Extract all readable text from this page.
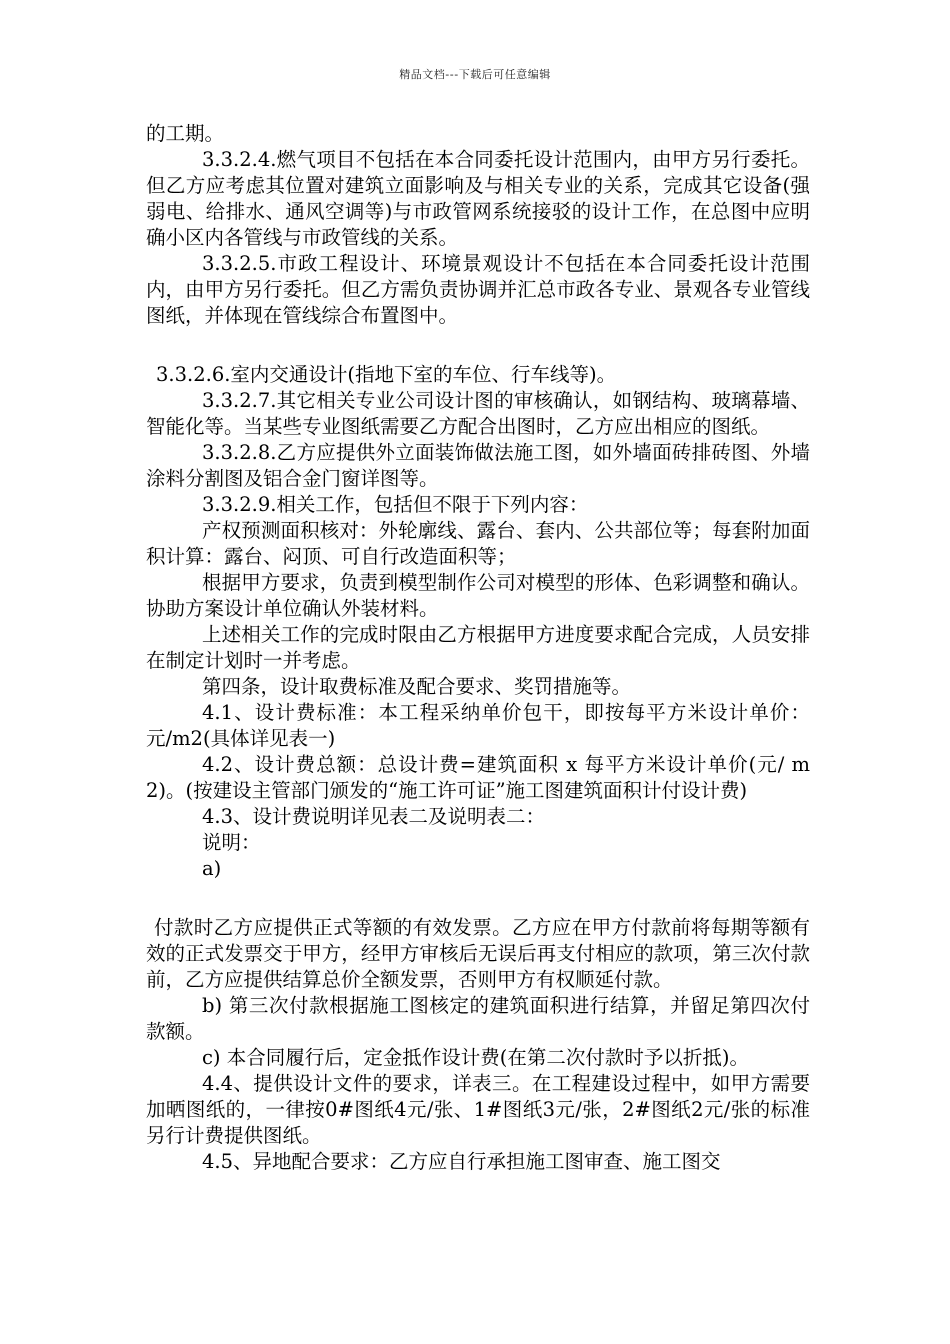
精品文档---下载后可任意编辑

的工期。

3.3.2.4.燃气项目不包括在本合同委托设计范围内，由甲方另行委托。但乙方应考虑其位置对建筑立面影响及与相关专业的关系，完成其它设备(强弱电、给排水、通风空调等)与市政管网系统接驳的设计工作，在总图中应明确小区内各管线与市政管线的关系。

3.3.2.5.市政工程设计、环境景观设计不包括在本合同委托设计范围内，由甲方另行委托。但乙方需负责协调并汇总市政各专业、景观各专业管线图纸，并体现在管线综合布置图中。

3.3.2.6.室内交通设计(指地下室的车位、行车线等)。

3.3.2.7.其它相关专业公司设计图的审核确认，如钢结构、玻璃幕墙、智能化等。当某些专业图纸需要乙方配合出图时，乙方应出相应的图纸。

3.3.2.8.乙方应提供外立面装饰做法施工图，如外墙面砖排砖图、外墙涂料分割图及铝合金门窗详图等。

3.3.2.9.相关工作，包括但不限于下列内容：

产权预测面积核对：外轮廓线、露台、套内、公共部位等；每套附加面积计算：露台、闷顶、可自行改造面积等；

根据甲方要求，负责到模型制作公司对模型的形体、色彩调整和确认。协助方案设计单位确认外装材料。

上述相关工作的完成时限由乙方根据甲方进度要求配合完成，人员安排在制定计划时一并考虑。

第四条，设计取费标准及配合要求、奖罚措施等。

4.1、设计费标准：本工程采纳单价包干，即按每平方米设计单价： 元/m2(具体详见表一)

4.2、设计费总额：总设计费=建筑面积 x 每平方米设计单价(元/ m2)。(按建设主管部门颁发的“施工许可证”施工图建筑面积计付设计费)

4.3、设计费说明详见表二及说明表二：

说明：

a)

付款时乙方应提供正式等额的有效发票。乙方应在甲方付款前将每期等额有效的正式发票交于甲方，经甲方审核后无误后再支付相应的款项，第三次付款前，乙方应提供结算总价全额发票，否则甲方有权顺延付款。

b) 第三次付款根据施工图核定的建筑面积进行结算，并留足第四次付款额。

c) 本合同履行后，定金抵作设计费(在第二次付款时予以折抵)。

4.4、提供设计文件的要求，详表三。在工程建设过程中，如甲方需要加晒图纸的，一律按0#图纸4元/张、1#图纸3元/张，2#图纸2元/张的标准另行计费提供图纸。

4.5、异地配合要求：乙方应自行承担施工图审查、施工图交
